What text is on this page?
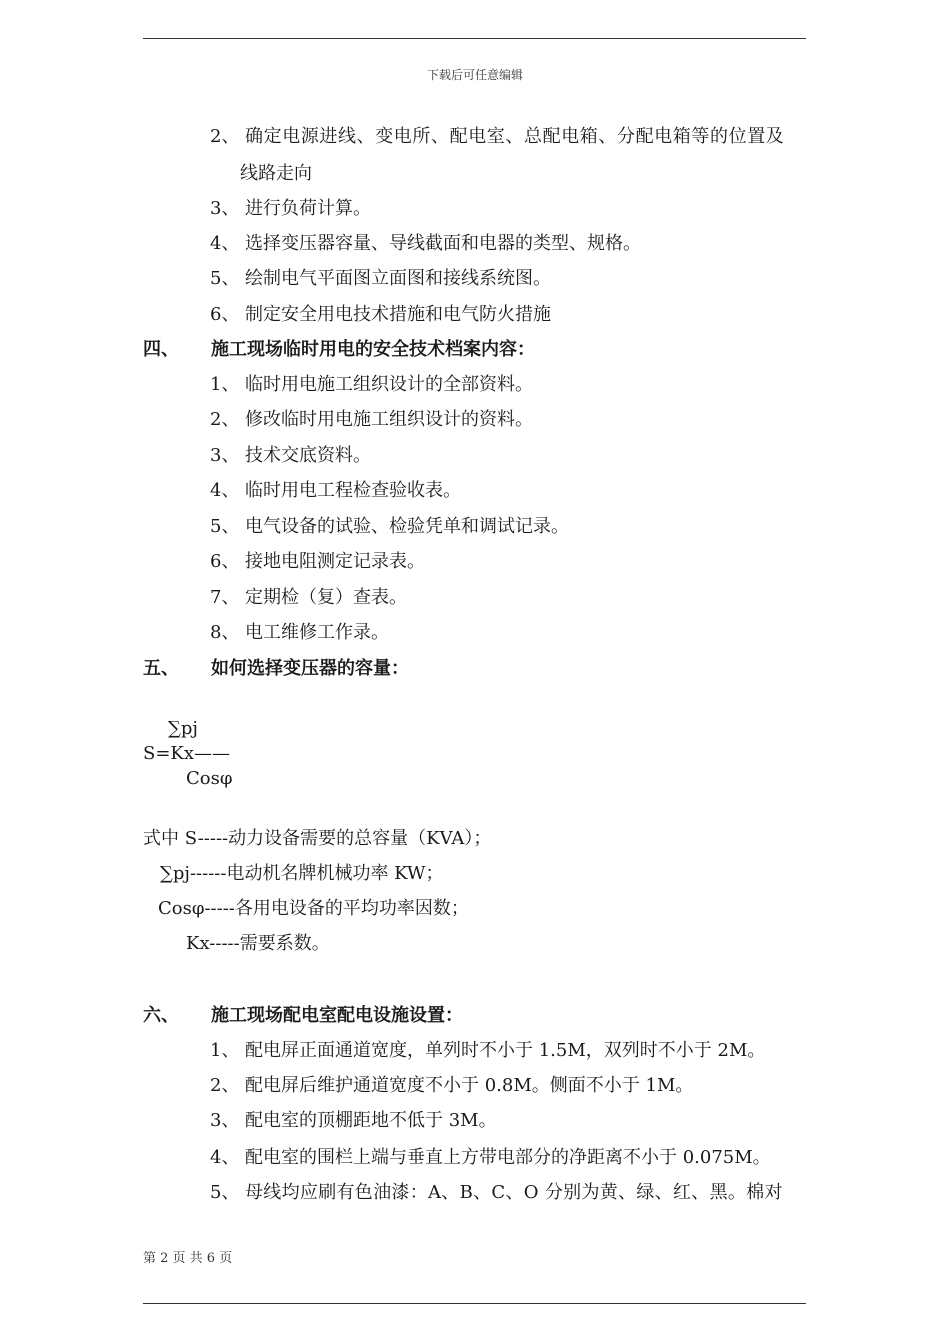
下载后可任意编辑
2、 确定电源进线、变电所、配电室、总配电箱、分配电箱等的位置及
线路走向
3、 进行负荷计算。
4、 选择变压器容量、导线截面和电器的类型、规格。
5、 绘制电气平面图立面图和接线系统图。
6、 制定安全用电技术措施和电气防火措施
四、 施工现场临时用电的安全技术档案内容：
1、 临时用电施工组织设计的全部资料。
2、 修改临时用电施工组织设计的资料。
3、 技术交底资料。
4、 临时用电工程检查验收表。
5、 电气设备的试验、检验凭单和调试记录。
6、 接地电阻测定记录表。
7、 定期检（复）查表。
8、 电工维修工作录。
五、 如何选择变压器的容量：
∑pj
S=Kx——
Cosφ
式中 S-----动力设备需要的总容量（KVA）；
∑pj------电动机名牌机械功率 KW；
Cosφ-----各用电设备的平均功率因数；
Kx-----需要系数。
六、 施工现场配电室配电设施设置：
1、 配电屏正面通道宽度，单列时不小于 1.5M，双列时不小于 2M。
2、 配电屏后维护通道宽度不小于 0.8M。侧面不小于 1M。
3、 配电室的顶棚距地不低于 3M。
4、 配电室的围栏上端与垂直上方带电部分的净距离不小于 0.075M。
5、 母线均应刷有色油漆：A、B、C、O 分别为黄、绿、红、黑。棉对
第 2 页 共 6 页
